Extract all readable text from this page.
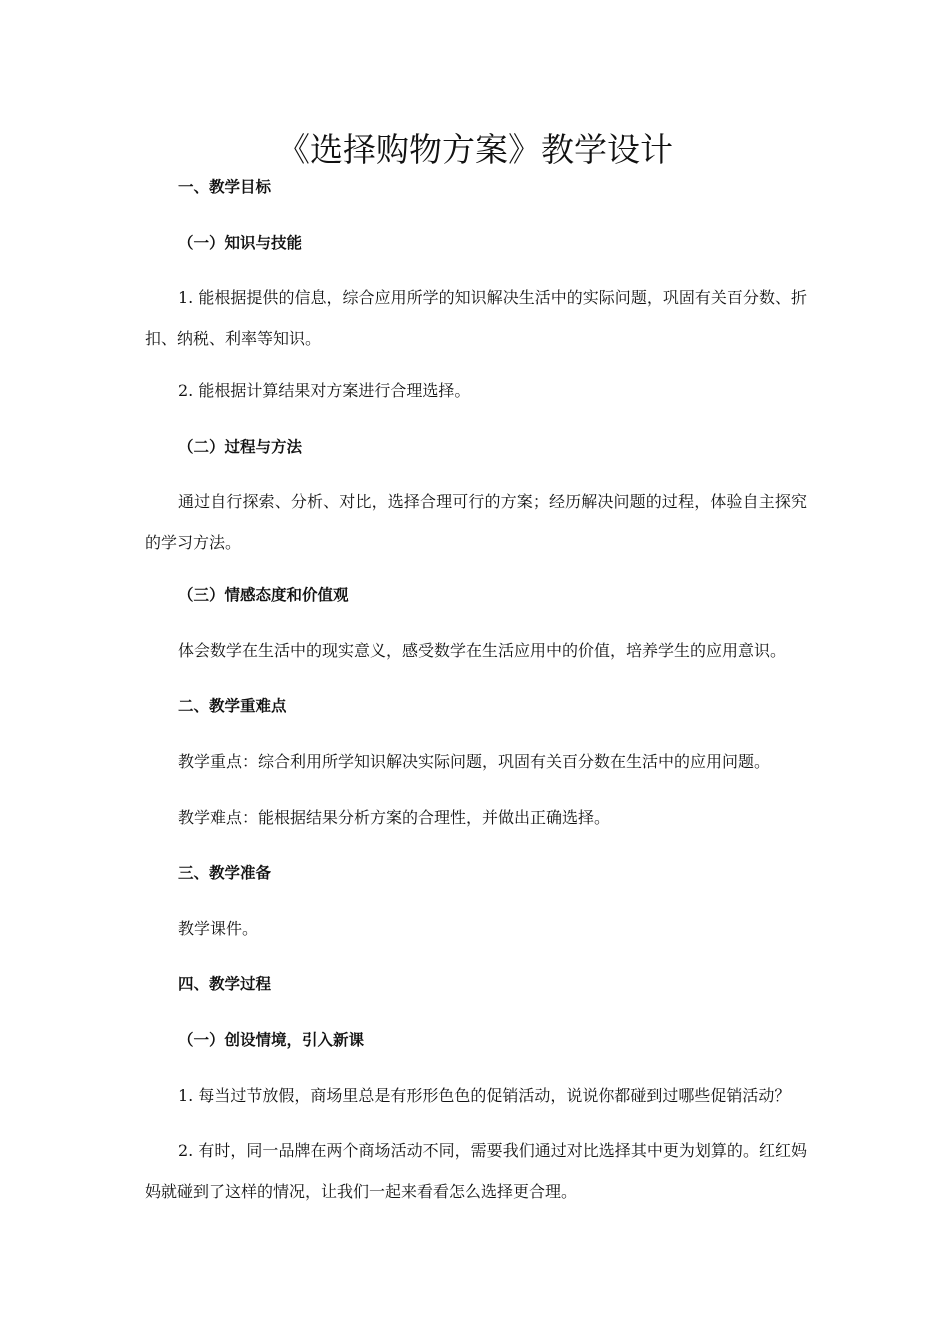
《选择购物方案》教学设计
一、教学目标
（一）知识与技能

1. 能根据提供的信息，综合应用所学的知识解决生活中的实际问题，巩固有关百分数、折扣、纳税、利率等知识。

2. 能根据计算结果对方案进行合理选择。
（二）过程与方法

通过自行探索、分析、对比，选择合理可行的方案；经历解决问题的过程，体验自主探究的学习方法。

（三）情感态度和价值观
体会数学在生活中的现实意义，感受数学在生活应用中的价值，培养学生的应用意识。
二、教学重难点
教学重点：综合利用所学知识解决实际问题，巩固有关百分数在生活中的应用问题。
教学难点：能根据结果分析方案的合理性，并做出正确选择。
三、教学准备
教学课件。
四、教学过程
（一）创设情境，引入新课
1. 每当过节放假，商场里总是有形形色色的促销活动，说说你都碰到过哪些促销活动？

2. 有时，同一品牌在两个商场活动不同，需要我们通过对比选择其中更为划算的。红红妈妈就碰到了这样的情况，让我们一起来看看怎么选择更合理。
